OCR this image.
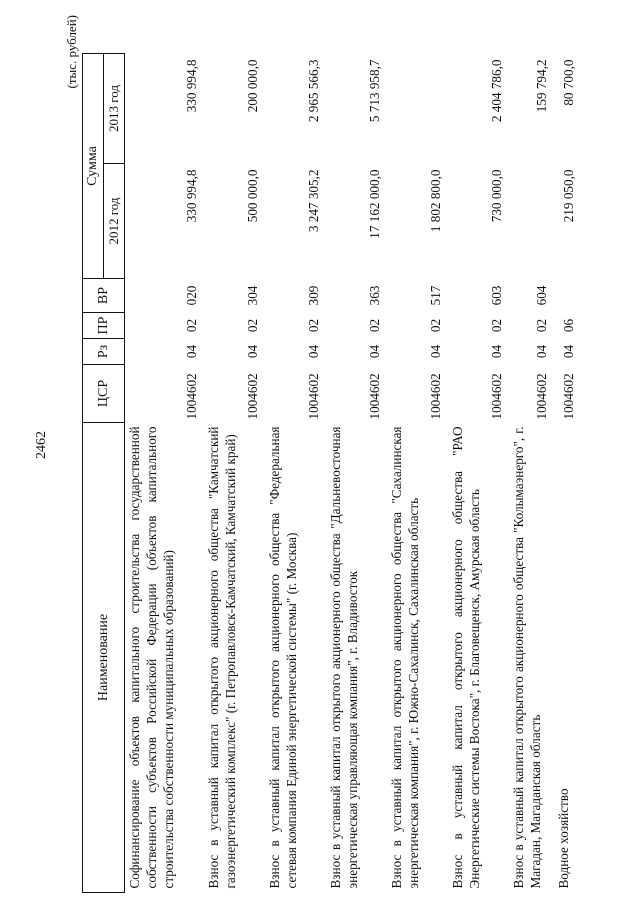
2462
(тыс. рублей)
Наименование	ЦСР	Рз	ПР	ВР	Сумма	
					2012 год	2013 год
Софинансирование объектов капитального строительства государственной собственности субъектов Российской Федерации (объектов капитального строительства собственности муниципальных образований)	1004602	04	02	020	330 994,8	330 994,8
Взнос в уставный капитал открытого акционерного общества "Камчатский газоэнергетический комплекс" (г. Петропавловск-Камчатский, Камчатский край)	1004602	04	02	304	500 000,0	200 000,0
Взнос в уставный капитал открытого акционерного общества "Федеральная сетевая компания Единой энергетической системы" (г. Москва)	1004602	04	02	309	3 247 305,2	2 965 566,3
Взнос в уставный капитал открытого акционерного общества "Дальневосточная энергетическая управляющая компания", г. Владивосток	1004602	04	02	363	17 162 000,0	5 713 958,7
Взнос в уставный капитал открытого акционерного общества "Сахалинская энергетическая компания", г. Южно-Сахалинск, Сахалинская область	1004602	04	02	517	1 802 800,0	
Взнос в уставный капитал открытого акционерного общества "РАО Энергетические системы Востока", г. Благовещенск, Амурская область	1004602	04	02	603	730 000,0	2 404 786,0
Взнос в уставный капитал открытого акционерного общества "Колымаэнерго", г. Магадан, Магаданская область	1004602	04	02	604		159 794,2
Водное хозяйство	1004602	04	06		219 050,0	80 700,0
